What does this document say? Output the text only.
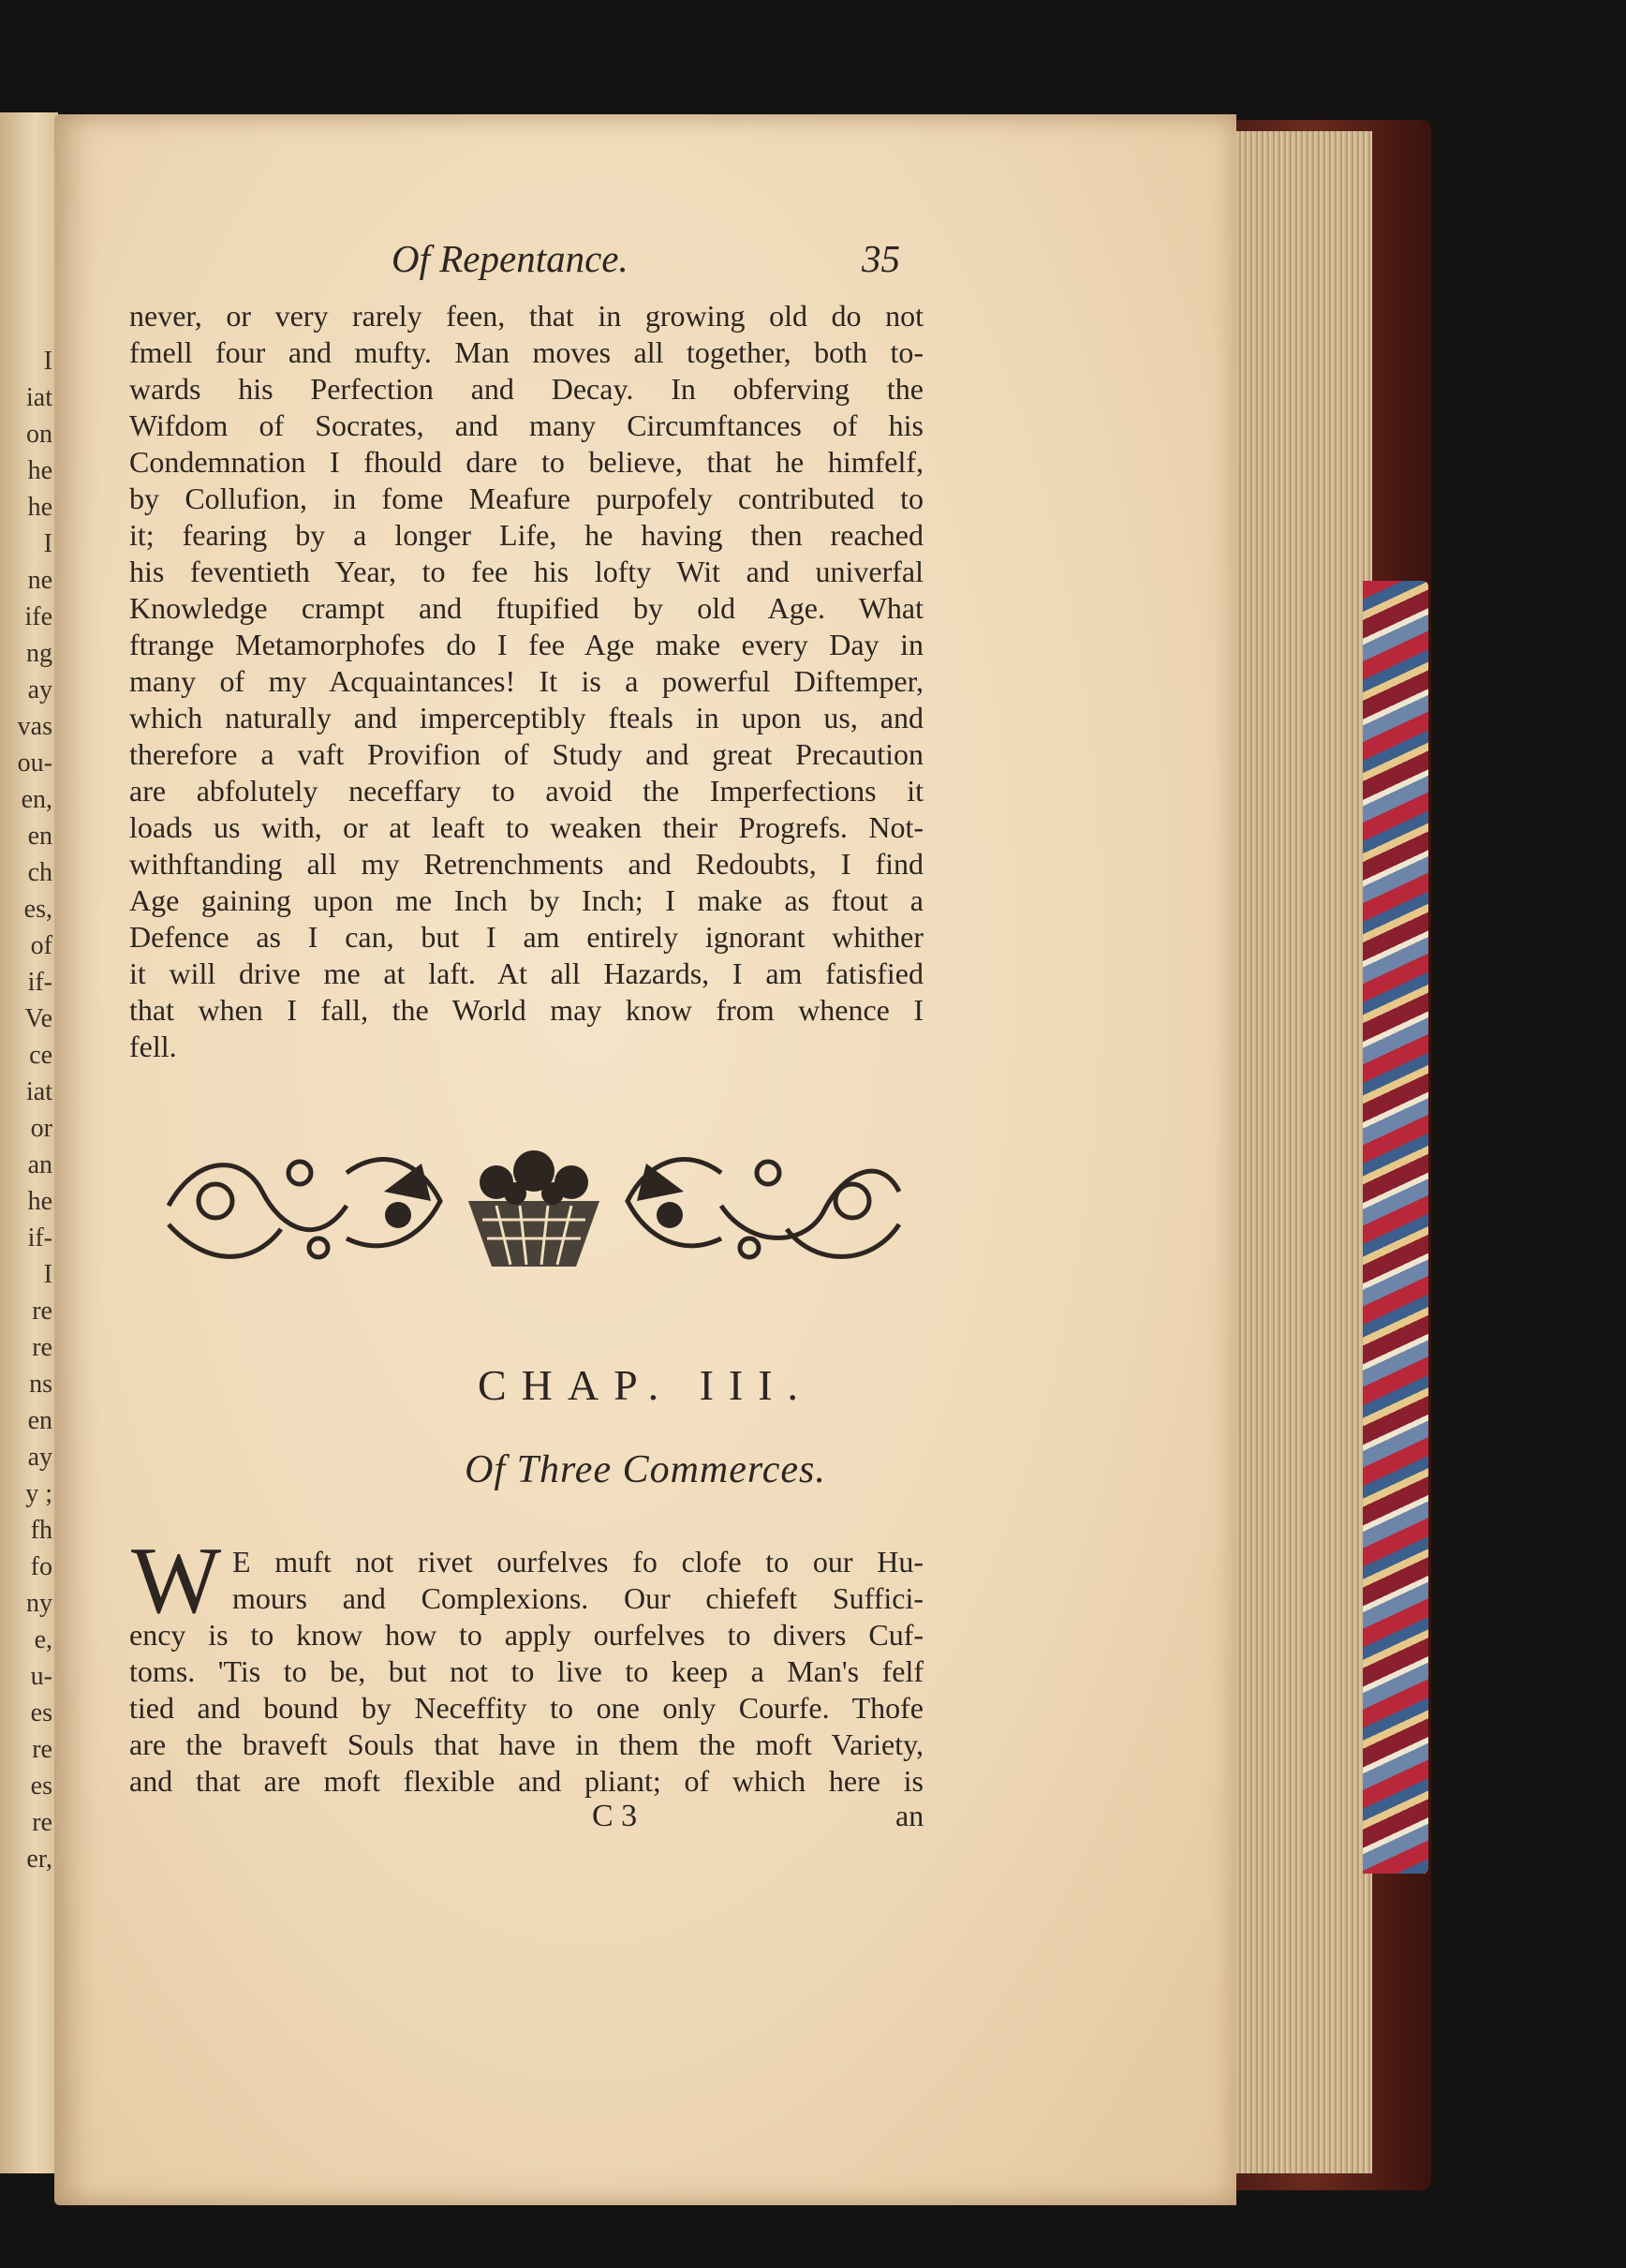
I
iat
on
he
he
I
ne
ife
ng
ay
vas
ou-
en,
en
ch
es,
of
if-
Ve
ce
iat
or
an
he
if-
I
re
re
ns
en
ay
y ;
fh
fo
ny
e,
u-
es
re
es
re
er,
Of Repentance.	35
never, or very rarely feen, that in growing old do not
fmell four and mufty. Man moves all together, both to-
wards his Perfection and Decay. In obferving the
Wifdom of Socrates, and many Circumftances of his
Condemnation I fhould dare to believe, that he himfelf,
by Collufion, in fome Meafure purpofely contributed to
it; fearing by a longer Life, he having then reached
his feventieth Year, to fee his lofty Wit and univerfal
Knowledge crampt and ftupified by old Age. What
ftrange Metamorphofes do I fee Age make every Day in
many of my Acquaintances! It is a powerful Diftemper,
which naturally and imperceptibly fteals in upon us, and
therefore a vaft Provifion of Study and great Precaution
are abfolutely neceffary to avoid the Imperfections it
loads us with, or at leaft to weaken their Progrefs. Not-
withftanding all my Retrenchments and Redoubts, I find
Age gaining upon me Inch by Inch; I make as ftout a
Defence as I can, but I am entirely ignorant whither
it will drive me at laft. At all Hazards, I am fatisfied
that when I fall, the World may know from whence I
fell.
CHAP. III.
Of Three Commerces.
W E muft not rivet ourfelves fo clofe to our Hu-
mours and Complexions. Our chiefeft Suffici-
ency is to know how to apply ourfelves to divers Cuf-
toms. 'Tis to be, but not to live to keep a Man's felf
tied and bound by Neceffity to one only Courfe. Thofe
are the braveft Souls that have in them the moft Variety,
and that are moft flexible and pliant; of which here is
C 3	an
